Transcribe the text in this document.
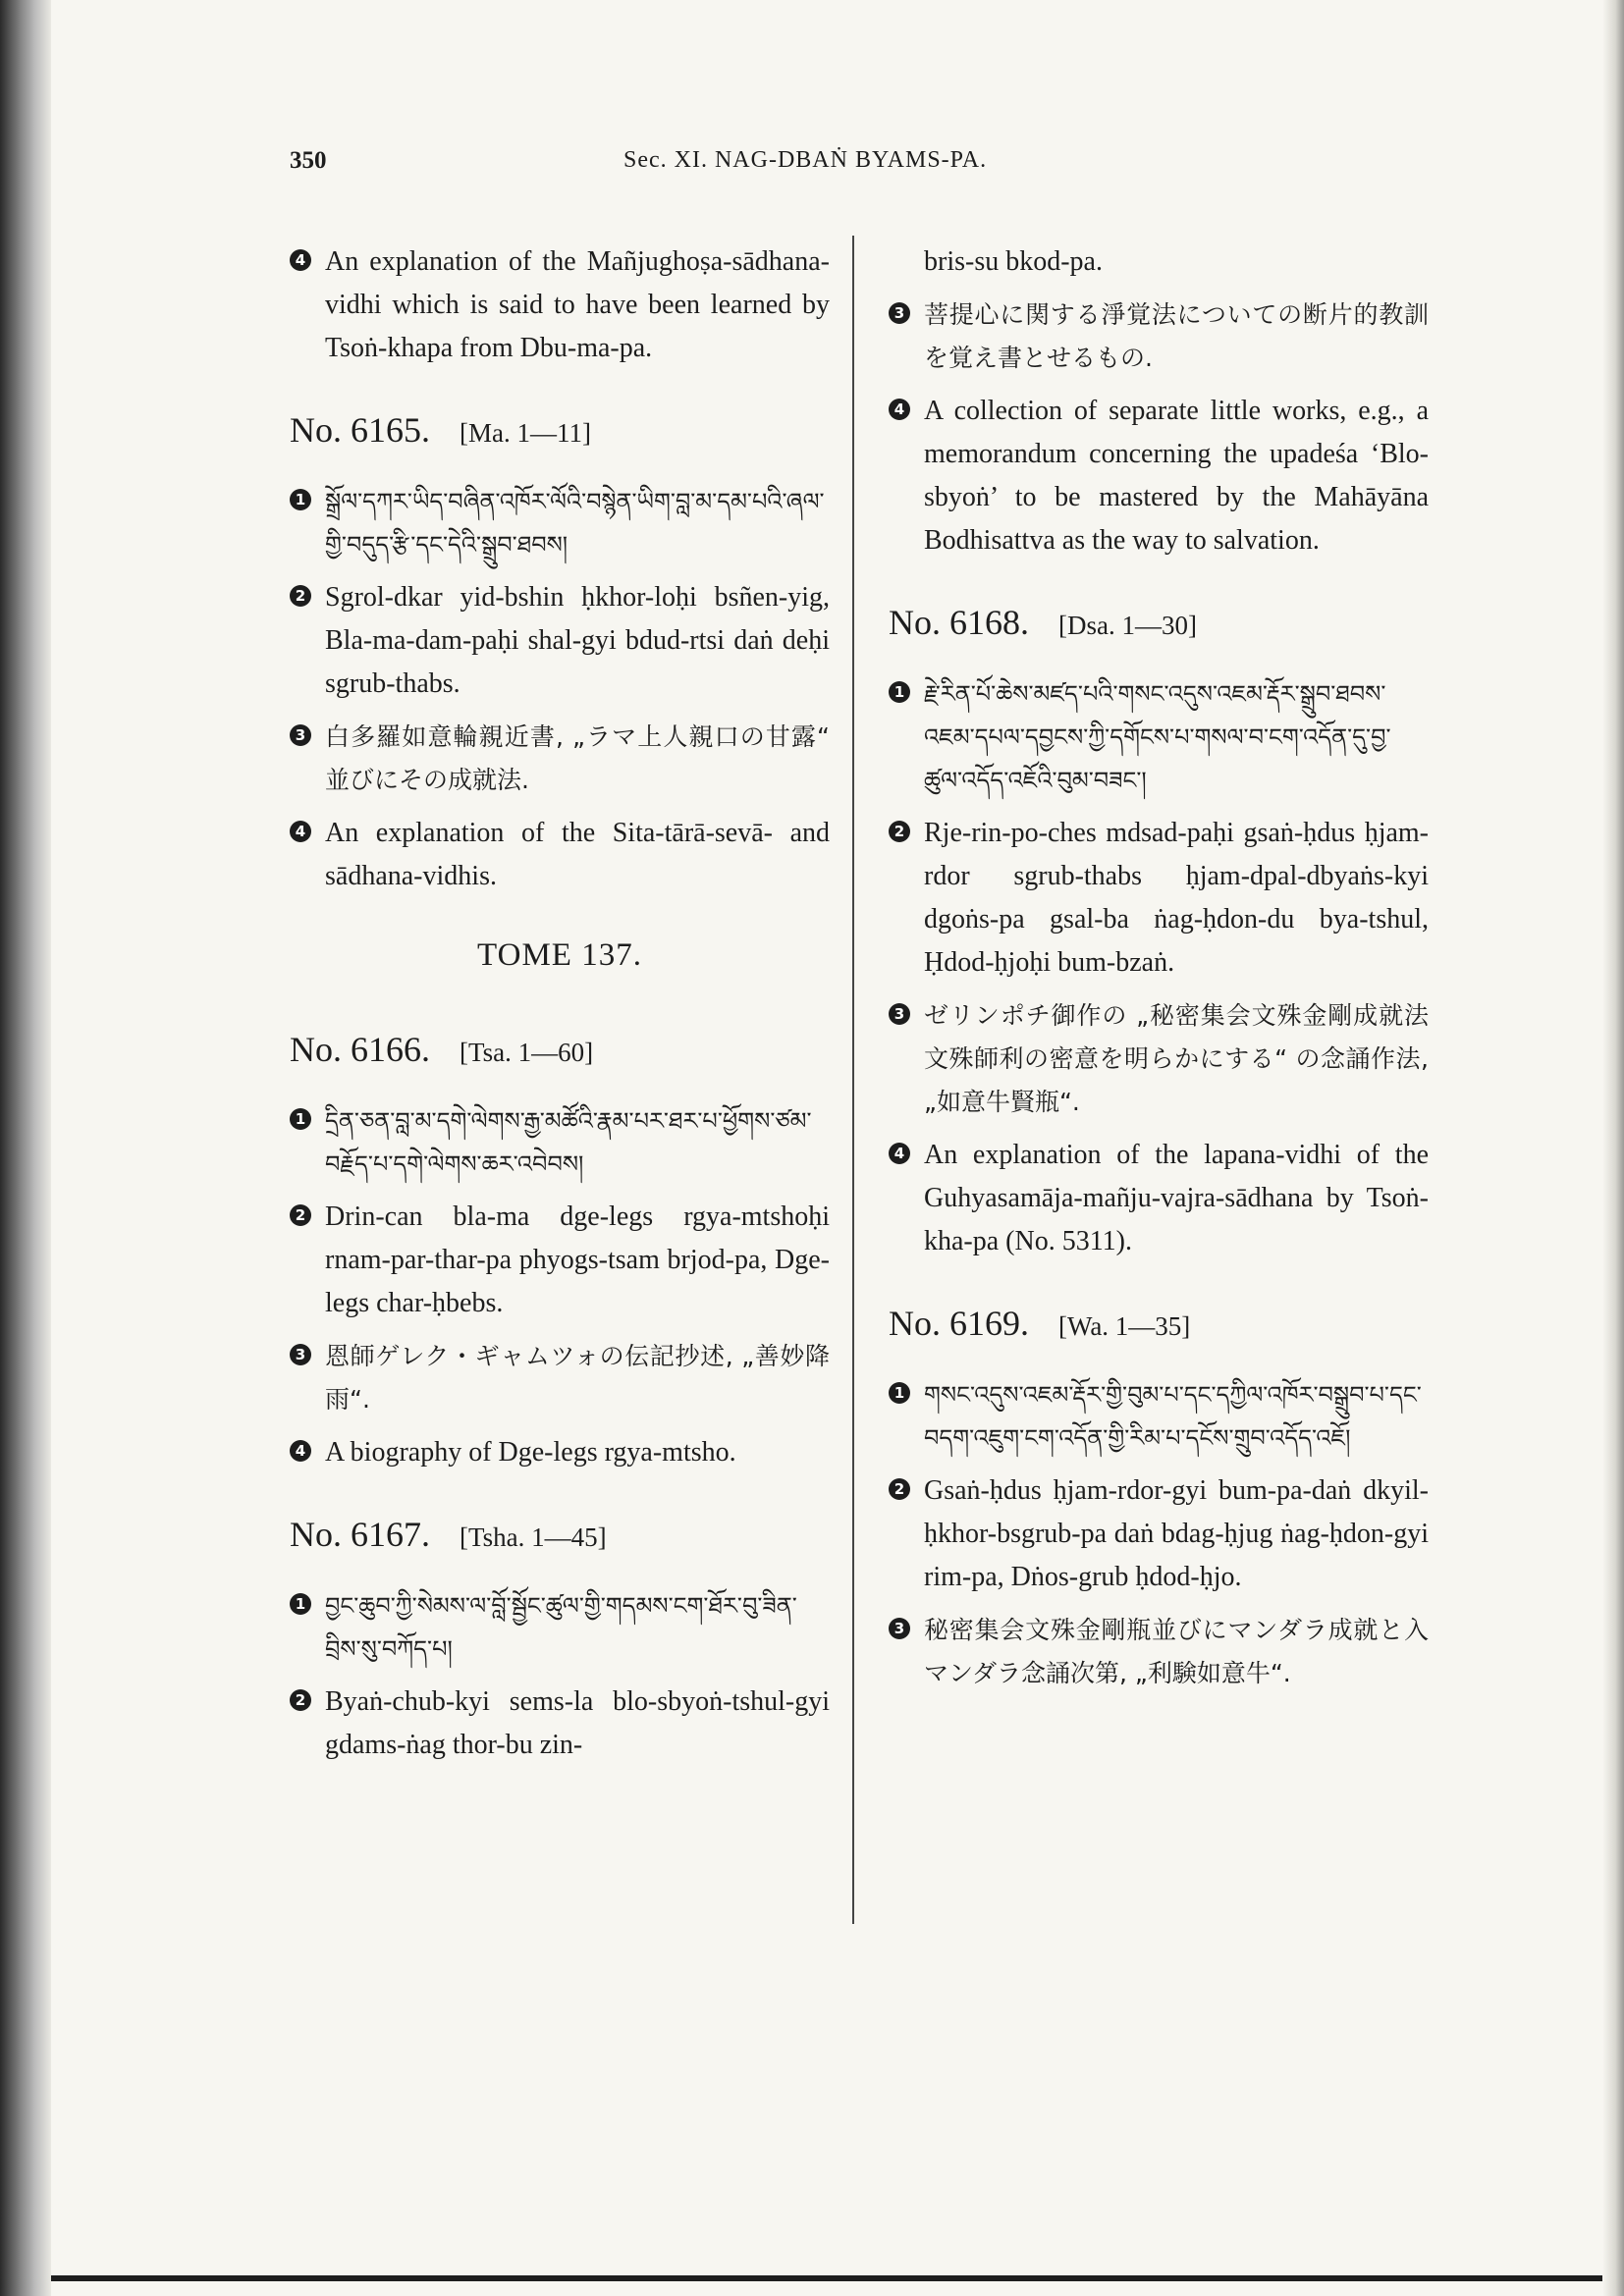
350	Sec. XI. NAG-DBAṄ BYAMS-PA.
4 An explanation of the Mañjughoṣa-sādhana-vidhi which is said to have been learned by Tsoṅ-khapa from Dbu-ma-pa.
No. 6165. [Ma. 1—11]
1 སྒྲོལ་དཀར་ཡིད་བཞིན་འཁོར་ལོའི་བསྙེན་ཡིག་བླ་མ་དམ་པའི་ཞལ་གྱི་བདུད་རྩི་དང་དེའི་སྒྲུབ་ཐབས།
2 Sgrol-dkar yid-bshin ḥkhor-loḥi bsñen-yig, Bla-ma-dam-paḥi shal-gyi bdud-rtsi daṅ deḥi sgrub-thabs.
3 白多羅如意輪親近書, „ラマ上人親口の甘露“ 並びにその成就法.
4 An explanation of the Sita-tārā-sevā- and sādhana-vidhis.
TOME 137.
No. 6166. [Tsa. 1—60]
1 དྲིན་ཅན་བླ་མ་དགེ་ལེགས་རྒྱ་མཚོའི་རྣམ་པར་ཐར་པ་ཕྱོགས་ཙམ་བརྗོད་པ་དགེ་ལེགས་ཆར་འབེབས།
2 Drin-can bla-ma dge-legs rgya-mtshoḥi rnam-par-thar-pa phyogs-tsam brjod-pa, Dge-legs char-ḥbebs.
3 恩師ゲレク・ギャムツォの伝記抄述, „善妙降雨“.
4 A biography of Dge-legs rgya-mtsho.
No. 6167. [Tsha. 1—45]
1 བྱང་ཆུབ་ཀྱི་སེམས་ལ་བློ་སྦྱོང་ཚུལ་གྱི་གདམས་ངག་ཐོར་བུ་ཟིན་བྲིས་སུ་བཀོད་པ།
2 Byaṅ-chub-kyi sems-la blo-sbyoṅ-tshul-gyi gdams-ṅag thor-bu zin-
bris-su bkod-pa.
3 菩提心に関する淨覚法についての断片的教訓を覚え書とせるもの.
4 A collection of separate little works, e.g., a memorandum concerning the upadeśa ‘Blo-sbyoṅ’ to be mastered by the Mahāyāna Bodhisattva as the way to salvation.
No. 6168. [Dsa. 1—30]
1 རྗེ་རིན་པོ་ཆེས་མཛད་པའི་གསང་འདུས་འཇམ་རྡོར་སྒྲུབ་ཐབས་འཇམ་དཔལ་དབྱངས་ཀྱི་དགོངས་པ་གསལ་བ་ངག་འདོན་དུ་བྱ་ཚུལ་འདོད་འཇོའི་བུམ་བཟང་།
2 Rje-rin-po-ches mdsad-paḥi gsaṅ-ḥdus ḥjam-rdor sgrub-thabs ḥjam-dpal-dbyaṅs-kyi dgoṅs-pa gsal-ba ṅag-ḥdon-du bya-tshul, Ḥdod-ḥjoḥi bum-bzaṅ.
3 ゼリンポチ御作の „秘密集会文殊金剛成就法文殊師利の密意を明らかにする“ の念誦作法, „如意牛賢瓶“.
4 An explanation of the lapana-vidhi of the Guhyasamāja-mañju-vajra-sādhana by Tsoṅ-kha-pa (No. 5311).
No. 6169. [Wa. 1—35]
1 གསང་འདུས་འཇམ་རྡོར་གྱི་བུམ་པ་དང་དཀྱིལ་འཁོར་བསྒྲུབ་པ་དང་བདག་འཇུག་ངག་འདོན་གྱི་རིམ་པ་དངོས་གྲུབ་འདོད་འཇོ།
2 Gsaṅ-ḥdus ḥjam-rdor-gyi bum-pa-daṅ dkyil-ḥkhor-bsgrub-pa daṅ bdag-ḥjug ṅag-ḥdon-gyi rim-pa, Dṅos-grub ḥdod-ḥjo.
3 秘密集会文殊金剛瓶並びにマンダラ成就と入マンダラ念誦次第, „利験如意牛“.
